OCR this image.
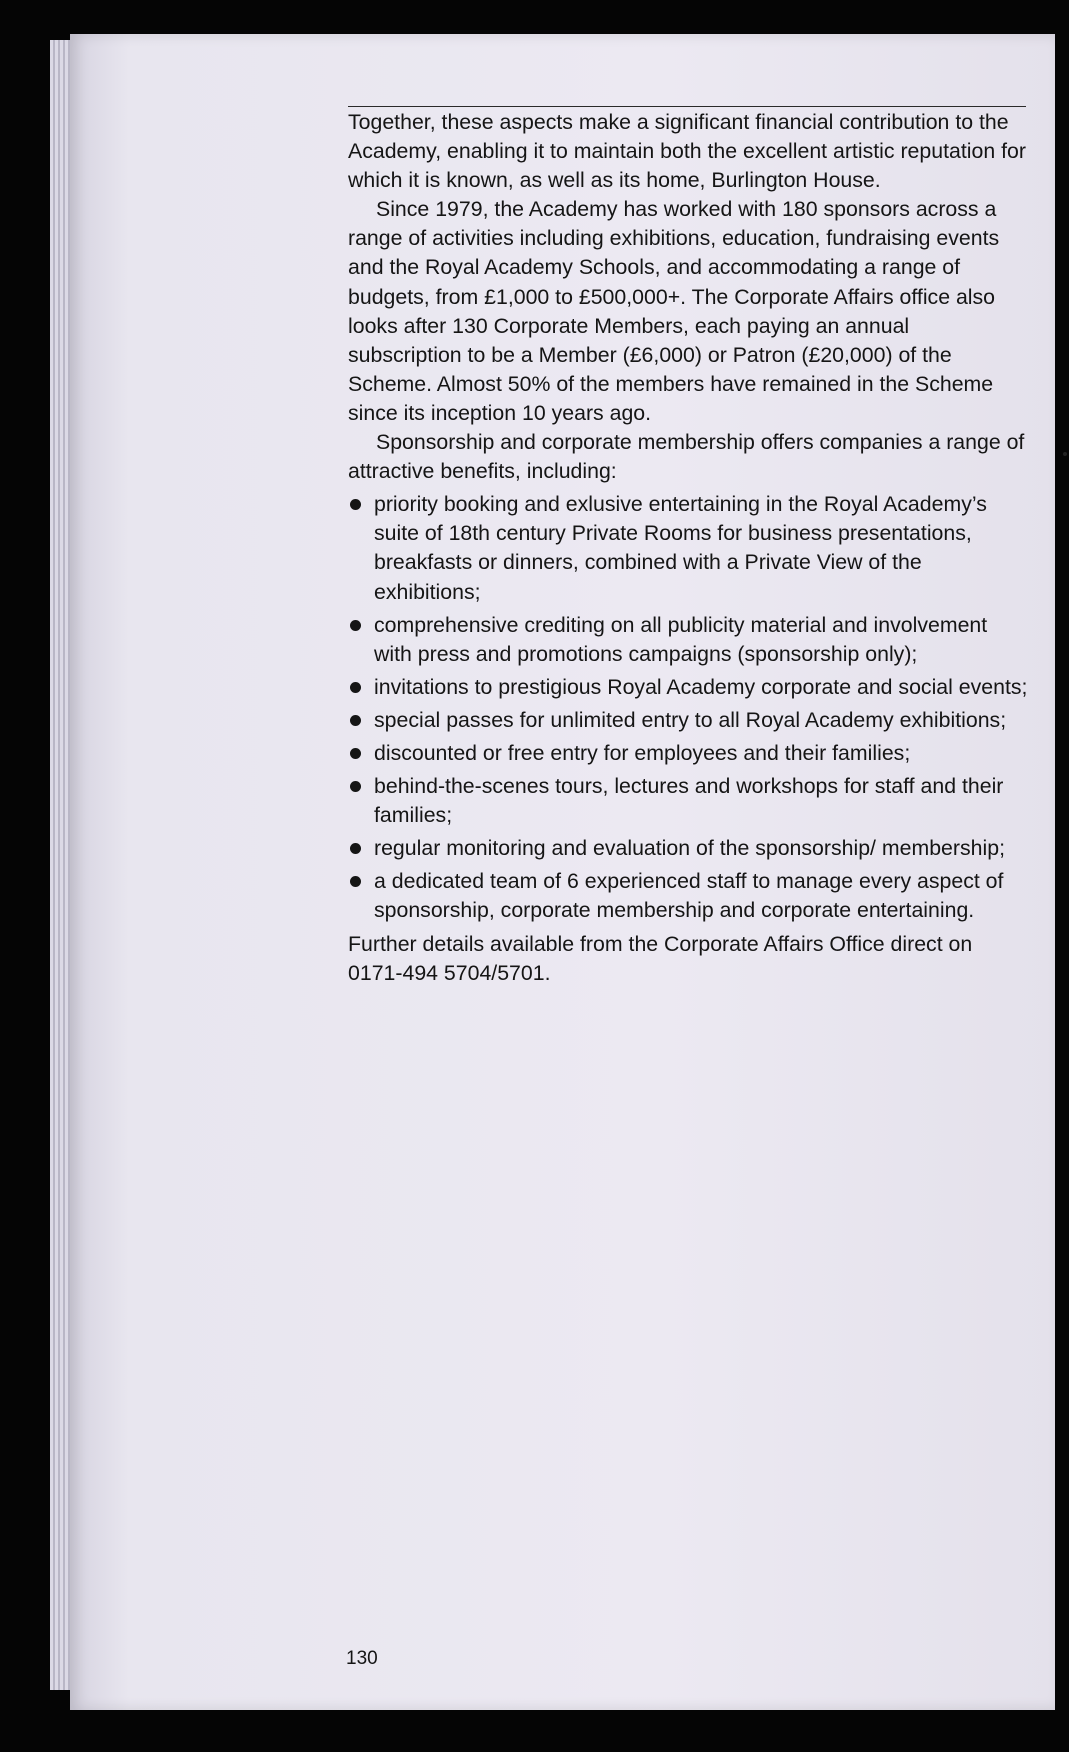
Together, these aspects make a significant financial contribution to the Academy, enabling it to maintain both the excellent artistic reputation for which it is known, as well as its home, Burlington House.

Since 1979, the Academy has worked with 180 sponsors across a range of activities including exhibitions, education, fundraising events and the Royal Academy Schools, and accommodating a range of budgets, from £1,000 to £500,000+. The Corporate Affairs office also looks after 130 Corporate Members, each paying an annual subscription to be a Member (£6,000) or Patron (£20,000) of the Scheme. Almost 50% of the members have remained in the Scheme since its inception 10 years ago.

Sponsorship and corporate membership offers companies a range of attractive benefits, including:

priority booking and exlusive entertaining in the Royal Academy’s suite of 18th century Private Rooms for business presentations, breakfasts or dinners, combined with a Private View of the exhibitions;
comprehensive crediting on all publicity material and involvement with press and promotions campaigns (sponsorship only);
invitations to prestigious Royal Academy corporate and social events;
special passes for unlimited entry to all Royal Academy exhibitions;
discounted or free entry for employees and their families;
behind-the-scenes tours, lectures and workshops for staff and their families;
regular monitoring and evaluation of the sponsorship/ membership;
a dedicated team of 6 experienced staff to manage every aspect of sponsorship, corporate membership and corporate entertaining.

Further details available from the Corporate Affairs Office direct on 0171-494 5704/5701.

130
